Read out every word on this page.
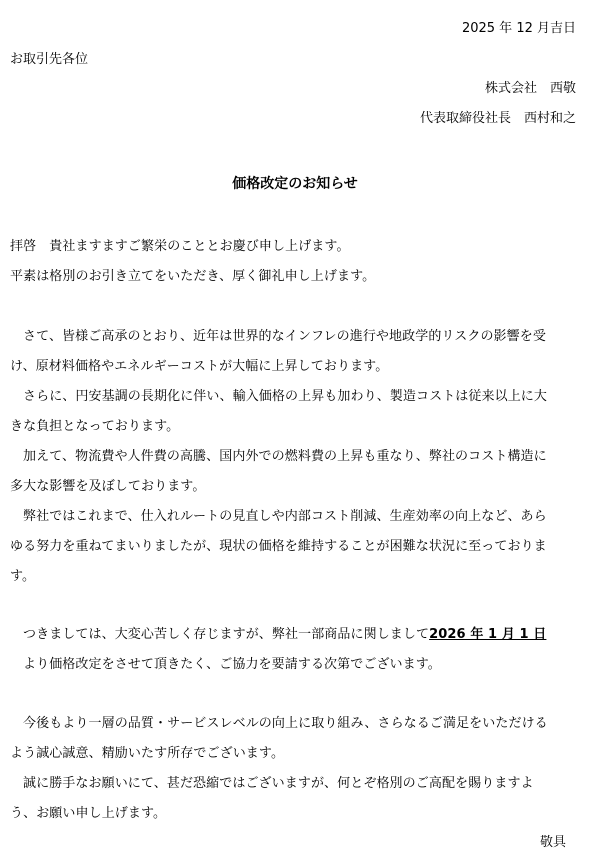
2025 年 12 月吉日
お取引先各位
株式会社　西敬
代表取締役社長　西村和之
価格改定のお知らせ

拝啓　貴社ますますご繁栄のこととお慶び申し上げます。

平素は格別のお引き立てをいただき、厚く御礼申し上げます。

さて、皆様ご高承のとおり、近年は世界的なインフレの進行や地政学的リスクの影響を受

け、原材料価格やエネルギーコストが大幅に上昇しております。

さらに、円安基調の長期化に伴い、輸入価格の上昇も加わり、製造コストは従来以上に大

きな負担となっております。

加えて、物流費や人件費の高騰、国内外での燃料費の上昇も重なり、弊社のコスト構造に

多大な影響を及ぼしております。

弊社ではこれまで、仕入れルートの見直しや内部コスト削減、生産効率の向上など、あら

ゆる努力を重ねてまいりましたが、現状の価格を維持することが困難な状況に至っておりま

す。

つきましては、大変心苦しく存じますが、弊社一部商品に関しまして2026 年 1 月 1 日

より価格改定をさせて頂きたく、ご協力を要請する次第でございます。

今後もより一層の品質・サービスレベルの向上に取り組み、さらなるご満足をいただける

よう誠心誠意、精励いたす所存でございます。

誠に勝手なお願いにて、甚だ恐縮ではございますが、何とぞ格別のご高配を賜りますよ

う、お願い申し上げます。

敬具
